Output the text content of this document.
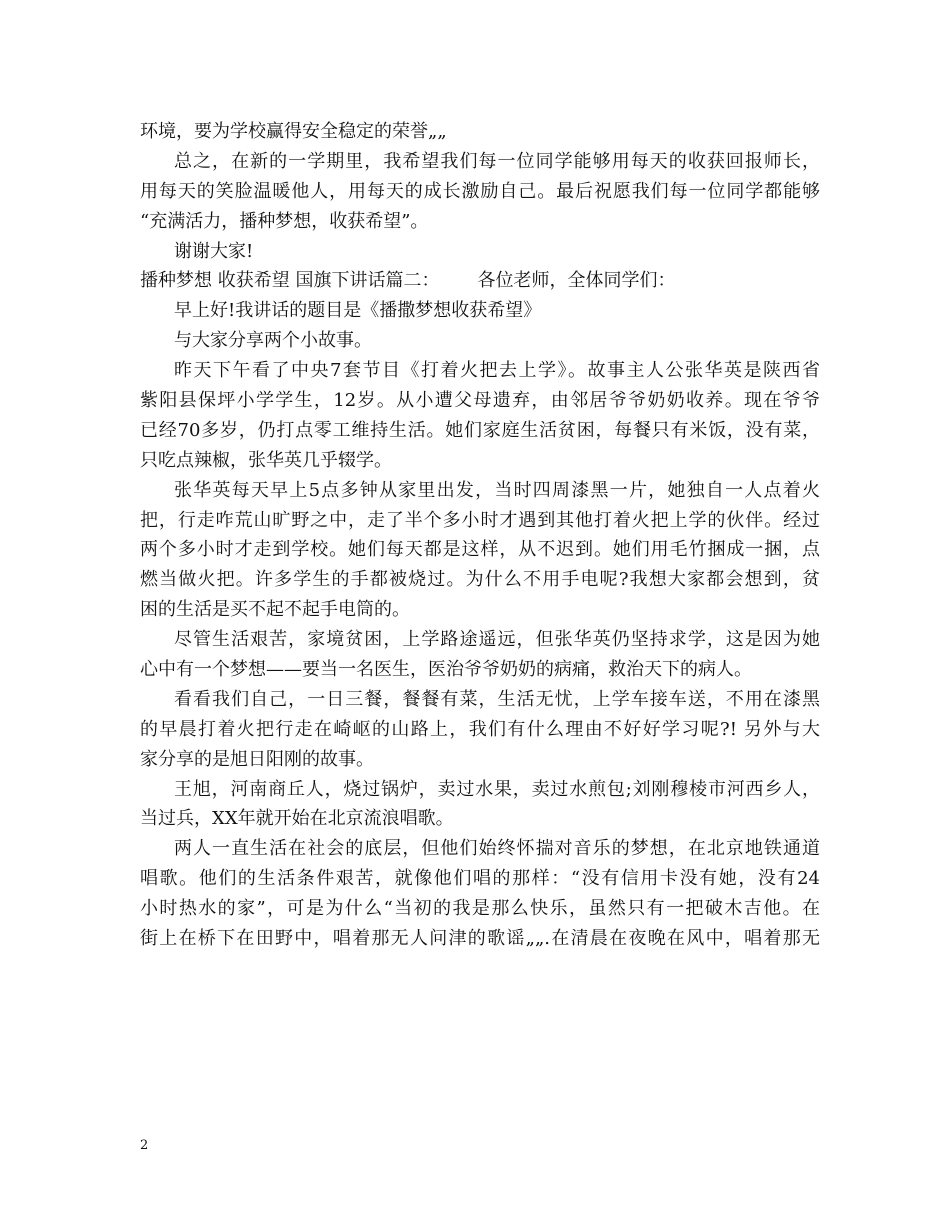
环境，要为学校赢得安全稳定的荣誉„„
总之，在新的一学期里，我希望我们每一位同学能够用每天的收获回报师长，
用每天的笑脸温暖他人，用每天的成长激励自己。最后祝愿我们每一位同学都能够
“充满活力，播种梦想，收获希望”。
谢谢大家!
播种梦想 收获希望 国旗下讲话篇二： 各位老师，全体同学们：
早上好!我讲话的题目是《播撒梦想收获希望》
与大家分享两个小故事。
昨天下午看了中央7套节目《打着火把去上学》。故事主人公张华英是陕西省
紫阳县保坪小学学生，12岁。从小遭父母遗弃，由邻居爷爷奶奶收养。现在爷爷
已经70多岁，仍打点零工维持生活。她们家庭生活贫困，每餐只有米饭，没有菜，
只吃点辣椒，张华英几乎辍学。
张华英每天早上5点多钟从家里出发，当时四周漆黑一片，她独自一人点着火
把，行走咋荒山旷野之中，走了半个多小时才遇到其他打着火把上学的伙伴。经过
两个多小时才走到学校。她们每天都是这样，从不迟到。她们用毛竹捆成一捆，点
燃当做火把。许多学生的手都被烧过。为什么不用手电呢?我想大家都会想到，贫
困的生活是买不起不起手电筒的。
尽管生活艰苦，家境贫困，上学路途遥远，但张华英仍坚持求学，这是因为她
心中有一个梦想——要当一名医生，医治爷爷奶奶的病痛，救治天下的病人。
看看我们自己，一日三餐，餐餐有菜，生活无忧，上学车接车送，不用在漆黑
的早晨打着火把行走在崎岖的山路上，我们有什么理由不好好学习呢?! 另外与大
家分享的是旭日阳刚的故事。
王旭，河南商丘人，烧过锅炉，卖过水果，卖过水煎包;刘刚穆棱市河西乡人，
当过兵，XX年就开始在北京流浪唱歌。
两人一直生活在社会的底层，但他们始终怀揣对音乐的梦想，在北京地铁通道
唱歌。他们的生活条件艰苦，就像他们唱的那样：“没有信用卡没有她，没有24
小时热水的家”，可是为什么“当初的我是那么快乐，虽然只有一把破木吉他。在
街上在桥下在田野中，唱着那无人问津的歌谣„„.在清晨在夜晚在风中，唱着那无
2
